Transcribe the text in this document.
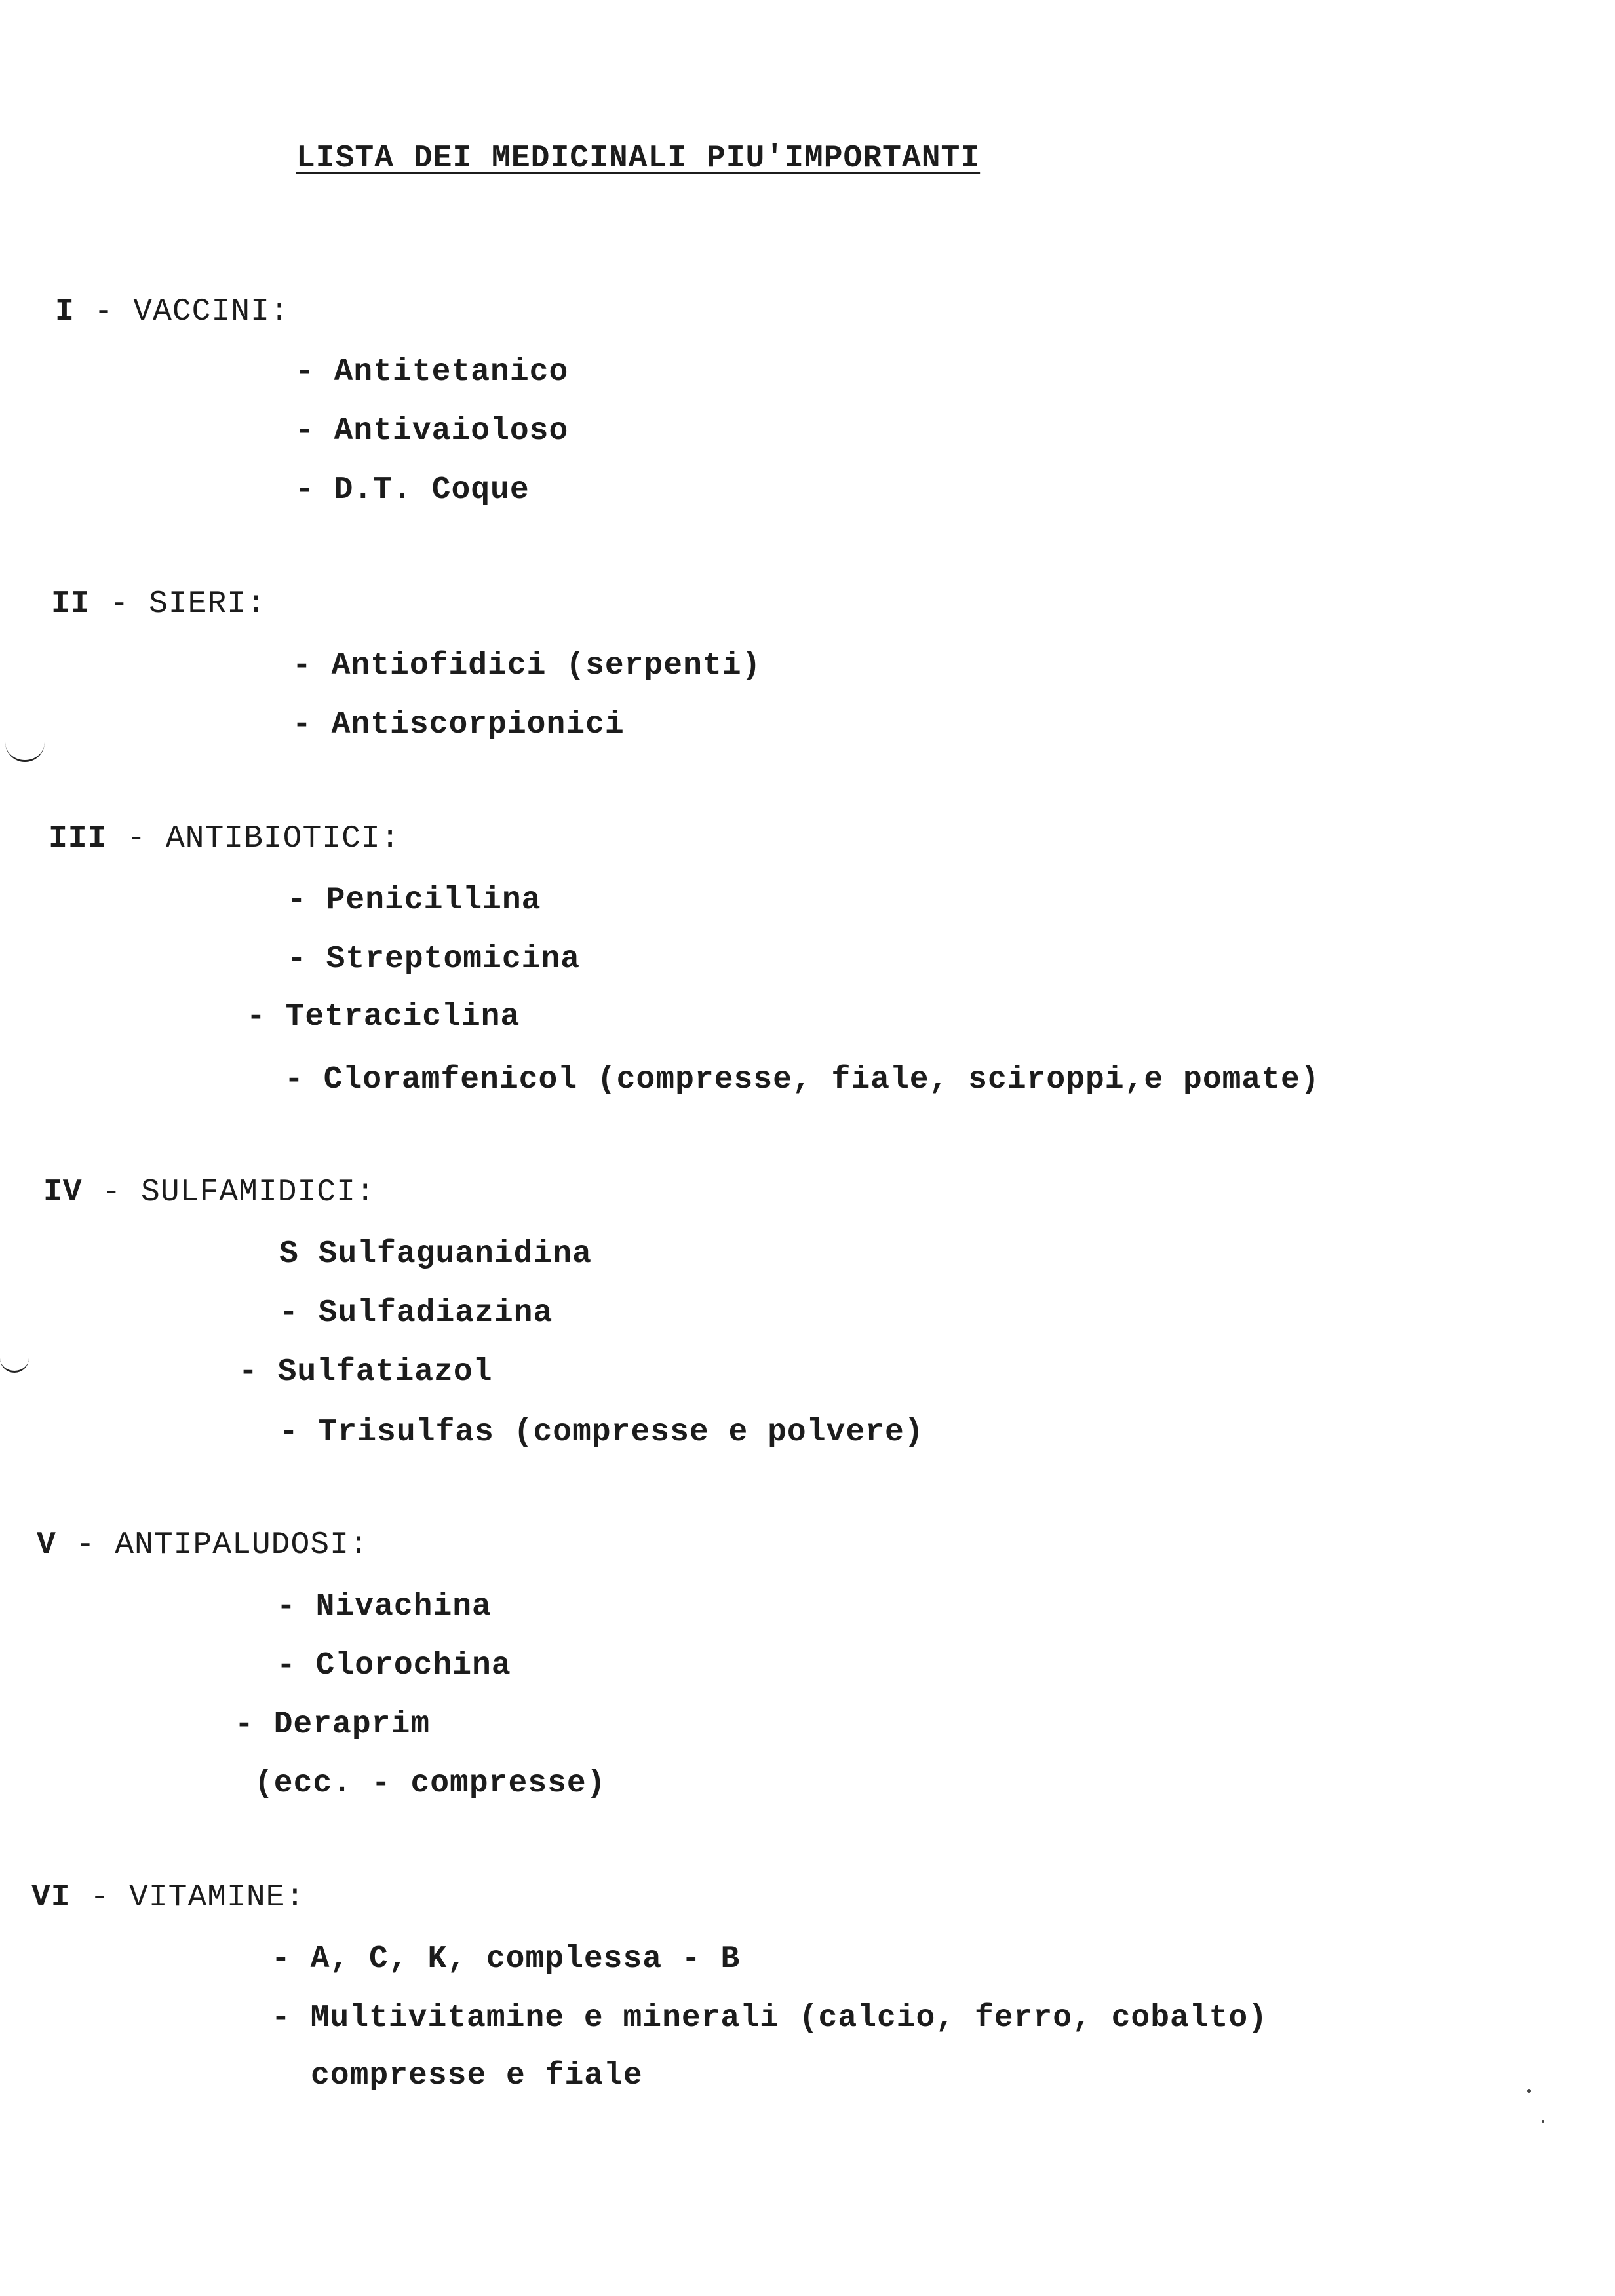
LISTA DEI MEDICINALI PIU'IMPORTANTI
I - VACCINI:
- Antitetanico
- Antivaioloso
- D.T. Coque
II - SIERI:
- Antiofidici (serpenti)
- Antiscorpionici
III - ANTIBIOTICI:
- Penicillina
- Streptomicina
- Tetraciclina
- Cloramfenicol (compresse, fiale, sciroppi,e pomate)
IV - SULFAMIDICI:
S Sulfaguanidina
- Sulfadiazina
- Sulfatiazol
- Trisulfas (compresse e polvere)
V - ANTIPALUDOSI:
- Nivachina
- Clorochina
- Deraprim
(ecc. - compresse)
VI - VITAMINE:
- A, C, K, complessa - B
- Multivitamine e minerali (calcio, ferro, cobalto)
compresse e fiale
